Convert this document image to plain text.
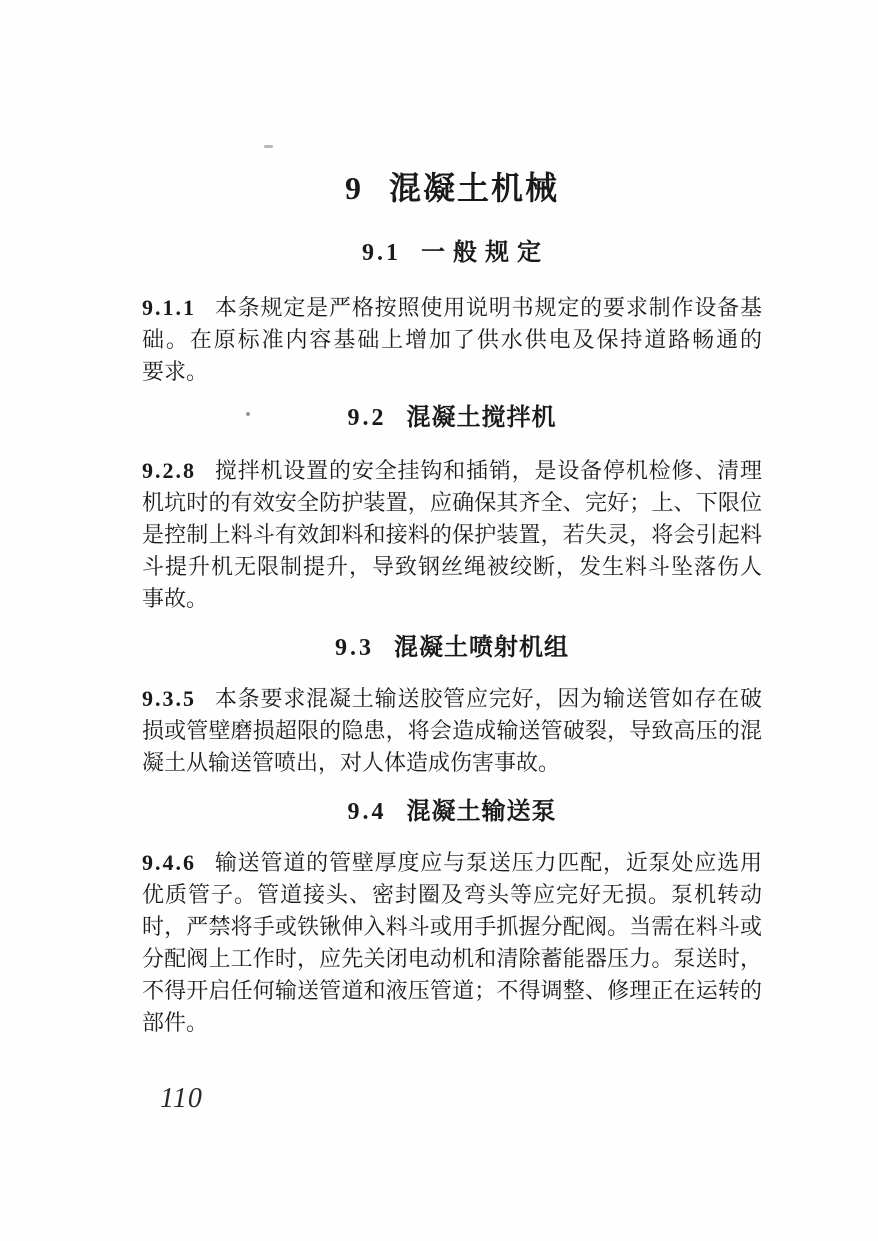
9 混凝土机械
9.1 一 般 规 定
9.1.1 本条规定是严格按照使用说明书规定的要求制作设备基
础。在原标准内容基础上增加了供水供电及保持道路畅通的
要求。
9.2 混凝土搅拌机
9.2.8 搅拌机设置的安全挂钩和插销，是设备停机检修、清理
机坑时的有效安全防护装置，应确保其齐全、完好；上、下限位
是控制上料斗有效卸料和接料的保护装置，若失灵，将会引起料
斗提升机无限制提升，导致钢丝绳被绞断，发生料斗坠落伤人
事故。
9.3 混凝土喷射机组
9.3.5 本条要求混凝土输送胶管应完好，因为输送管如存在破
损或管壁磨损超限的隐患，将会造成输送管破裂，导致高压的混
凝土从输送管喷出，对人体造成伤害事故。
9.4 混凝土输送泵
9.4.6 输送管道的管壁厚度应与泵送压力匹配，近泵处应选用
优质管子。管道接头、密封圈及弯头等应完好无损。泵机转动
时，严禁将手或铁锹伸入料斗或用手抓握分配阀。当需在料斗或
分配阀上工作时，应先关闭电动机和清除蓄能器压力。泵送时，
不得开启任何输送管道和液压管道；不得调整、修理正在运转的
部件。
110
